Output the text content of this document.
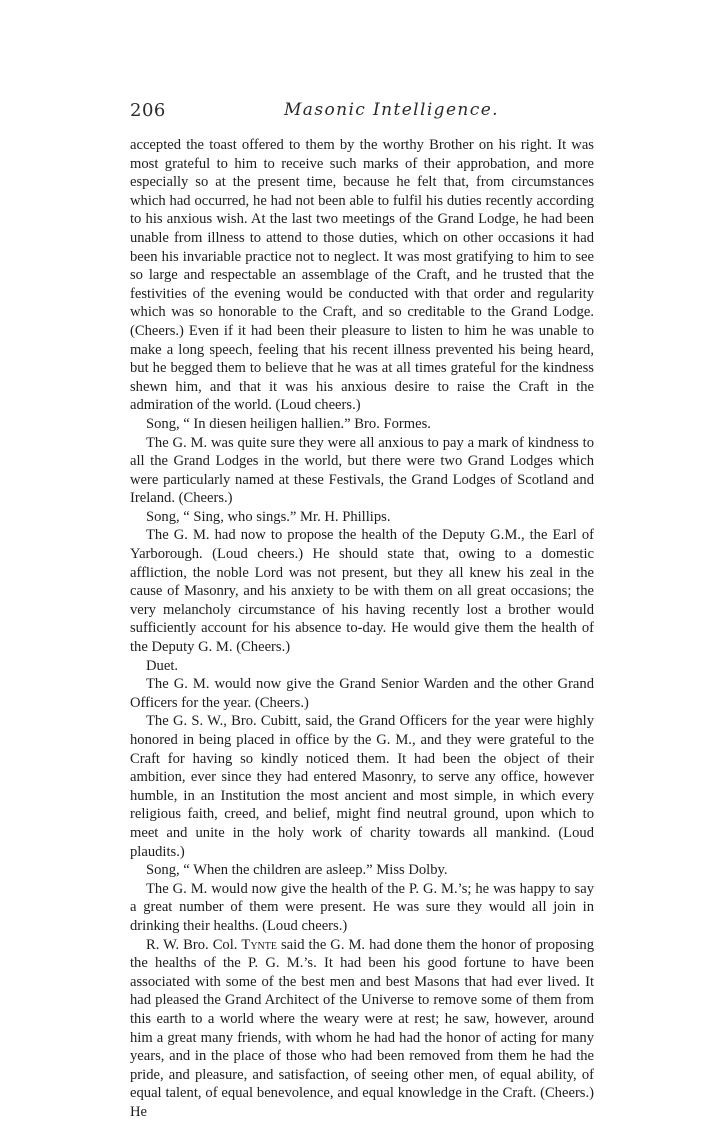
206	Masonic Intelligence.

accepted the toast offered to them by the worthy Brother on his right. It was most grateful to him to receive such marks of their approbation, and more especially so at the present time, because he felt that, from circumstances which had occurred, he had not been able to fulfil his duties recently according to his anxious wish. At the last two meetings of the Grand Lodge, he had been unable from illness to attend to those duties, which on other occasions it had been his invariable practice not to neglect. It was most gratifying to him to see so large and respectable an assemblage of the Craft, and he trusted that the festivities of the evening would be conducted with that order and regularity which was so honorable to the Craft, and so creditable to the Grand Lodge. (Cheers.) Even if it had been their pleasure to listen to him he was unable to make a long speech, feeling that his recent illness prevented his being heard, but he begged them to believe that he was at all times grateful for the kindness shewn him, and that it was his anxious desire to raise the Craft in the admiration of the world. (Loud cheers.)

Song, “ In diesen heiligen hallien.” Bro. Formes.

The G. M. was quite sure they were all anxious to pay a mark of kindness to all the Grand Lodges in the world, but there were two Grand Lodges which were particularly named at these Festivals, the Grand Lodges of Scotland and Ireland. (Cheers.)

Song, “ Sing, who sings.” Mr. H. Phillips.

The G. M. had now to propose the health of the Deputy G.M., the Earl of Yarborough. (Loud cheers.) He should state that, owing to a domestic affliction, the noble Lord was not present, but they all knew his zeal in the cause of Masonry, and his anxiety to be with them on all great occasions; the very melancholy circumstance of his having recently lost a brother would sufficiently account for his absence to-day. He would give them the health of the Deputy G. M. (Cheers.)

Duet.

The G. M. would now give the Grand Senior Warden and the other Grand Officers for the year. (Cheers.)

The G. S. W., Bro. Cubitt, said, the Grand Officers for the year were highly honored in being placed in office by the G. M., and they were grateful to the Craft for having so kindly noticed them. It had been the object of their ambition, ever since they had entered Masonry, to serve any office, however humble, in an Institution the most ancient and most simple, in which every religious faith, creed, and belief, might find neutral ground, upon which to meet and unite in the holy work of charity towards all mankind. (Loud plaudits.)

Song, “ When the children are asleep.” Miss Dolby.

The G. M. would now give the health of the P. G. M.’s; he was happy to say a great number of them were present. He was sure they would all join in drinking their healths. (Loud cheers.)

R. W. Bro. Col. Tynte said the G. M. had done them the honor of proposing the healths of the P. G. M.’s. It had been his good fortune to have been associated with some of the best men and best Masons that had ever lived. It had pleased the Grand Architect of the Universe to remove some of them from this earth to a world where the weary were at rest; he saw, however, around him a great many friends, with whom he had had the honor of acting for many years, and in the place of those who had been removed from them he had the pride, and pleasure, and satisfaction, of seeing other men, of equal ability, of equal talent, of equal benevolence, and equal knowledge in the Craft. (Cheers.) He
